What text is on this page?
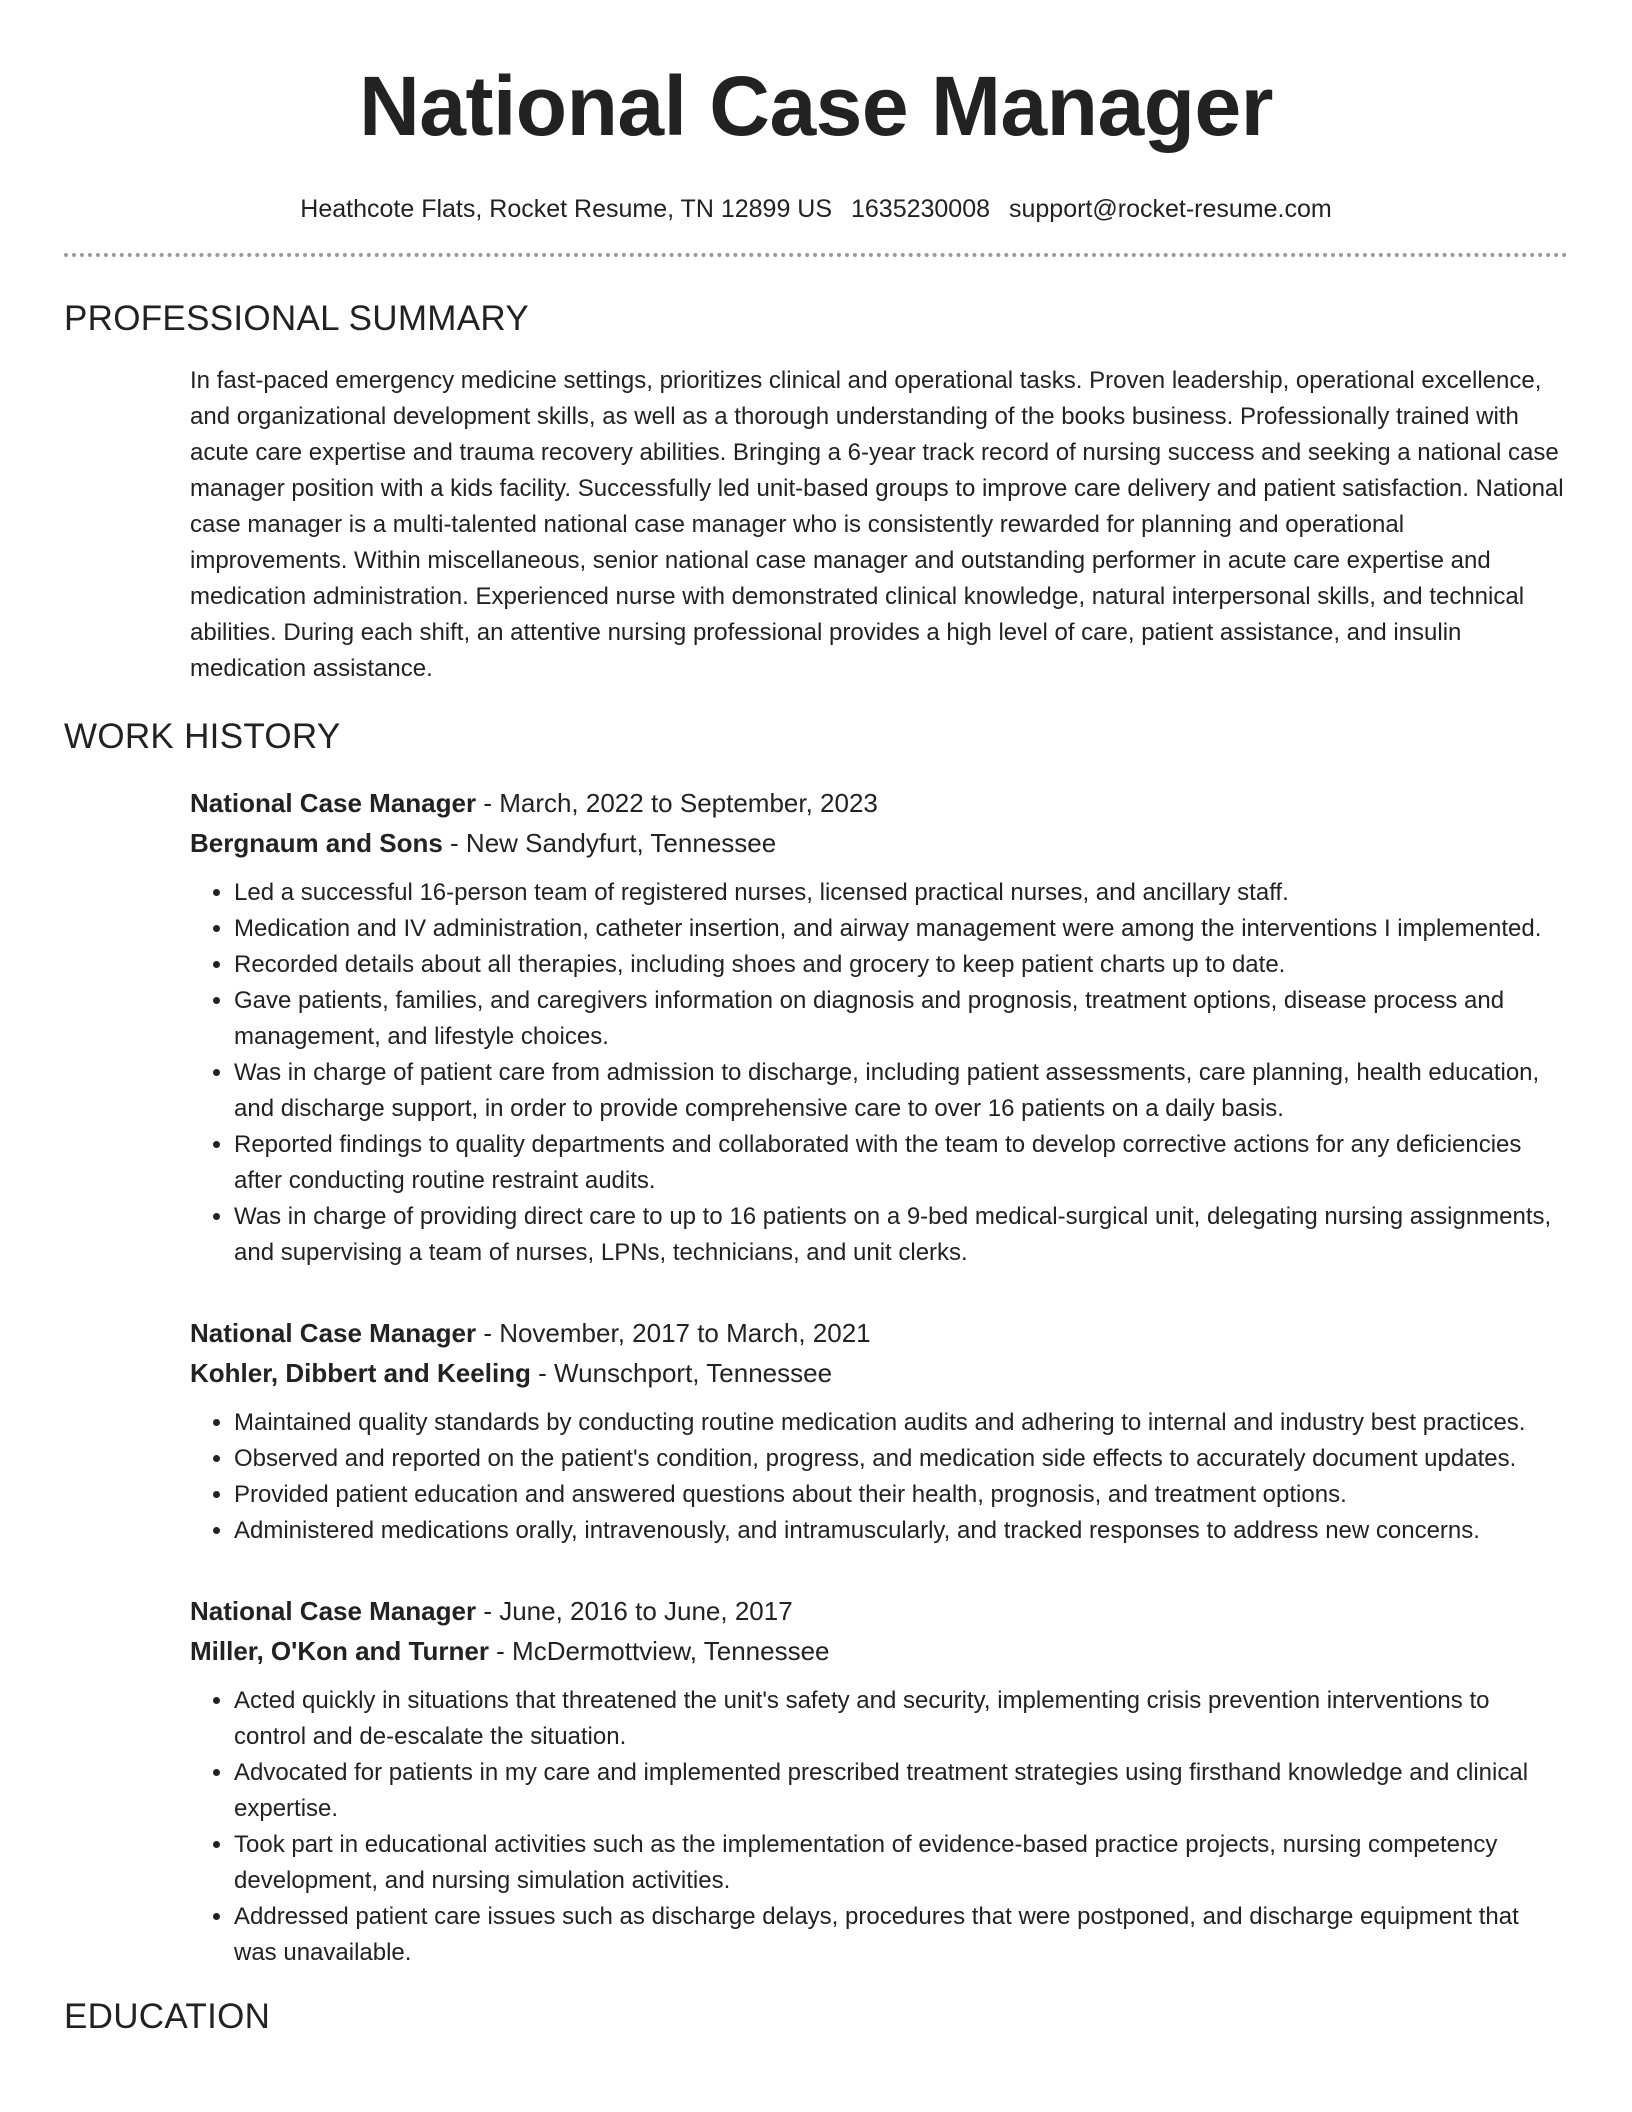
National Case Manager
Heathcote Flats, Rocket Resume, TN 12899 US 1635230008 support@rocket-resume.com
PROFESSIONAL SUMMARY

In fast-paced emergency medicine settings, prioritizes clinical and operational tasks. Proven leadership, operational excellence, and organizational development skills, as well as a thorough understanding of the books business. Professionally trained with acute care expertise and trauma recovery abilities. Bringing a 6-year track record of nursing success and seeking a national case manager position with a kids facility. Successfully led unit-based groups to improve care delivery and patient satisfaction. National case manager is a multi-talented national case manager who is consistently rewarded for planning and operational improvements. Within miscellaneous, senior national case manager and outstanding performer in acute care expertise and medication administration. Experienced nurse with demonstrated clinical knowledge, natural interpersonal skills, and technical abilities. During each shift, an attentive nursing professional provides a high level of care, patient assistance, and insulin medication assistance.

WORK HISTORY
National Case Manager - March, 2022 to September, 2023
Bergnaum and Sons - New Sandyfurt, Tennessee
• Led a successful 16-person team of registered nurses, licensed practical nurses, and ancillary staff.
• Medication and IV administration, catheter insertion, and airway management were among the interventions I implemented.
• Recorded details about all therapies, including shoes and grocery to keep patient charts up to date.
• Gave patients, families, and caregivers information on diagnosis and prognosis, treatment options, disease process and management, and lifestyle choices.
• Was in charge of patient care from admission to discharge, including patient assessments, care planning, health education, and discharge support, in order to provide comprehensive care to over 16 patients on a daily basis.
• Reported findings to quality departments and collaborated with the team to develop corrective actions for any deficiencies after conducting routine restraint audits.
• Was in charge of providing direct care to up to 16 patients on a 9-bed medical-surgical unit, delegating nursing assignments, and supervising a team of nurses, LPNs, technicians, and unit clerks.
National Case Manager - November, 2017 to March, 2021
Kohler, Dibbert and Keeling - Wunschport, Tennessee
• Maintained quality standards by conducting routine medication audits and adhering to internal and industry best practices.
• Observed and reported on the patient's condition, progress, and medication side effects to accurately document updates.
• Provided patient education and answered questions about their health, prognosis, and treatment options.
• Administered medications orally, intravenously, and intramuscularly, and tracked responses to address new concerns.
National Case Manager - June, 2016 to June, 2017
Miller, O'Kon and Turner - McDermottview, Tennessee
• Acted quickly in situations that threatened the unit's safety and security, implementing crisis prevention interventions to control and de-escalate the situation.
• Advocated for patients in my care and implemented prescribed treatment strategies using firsthand knowledge and clinical expertise.
• Took part in educational activities such as the implementation of evidence-based practice projects, nursing competency development, and nursing simulation activities.
• Addressed patient care issues such as discharge delays, procedures that were postponed, and discharge equipment that was unavailable.
EDUCATION
